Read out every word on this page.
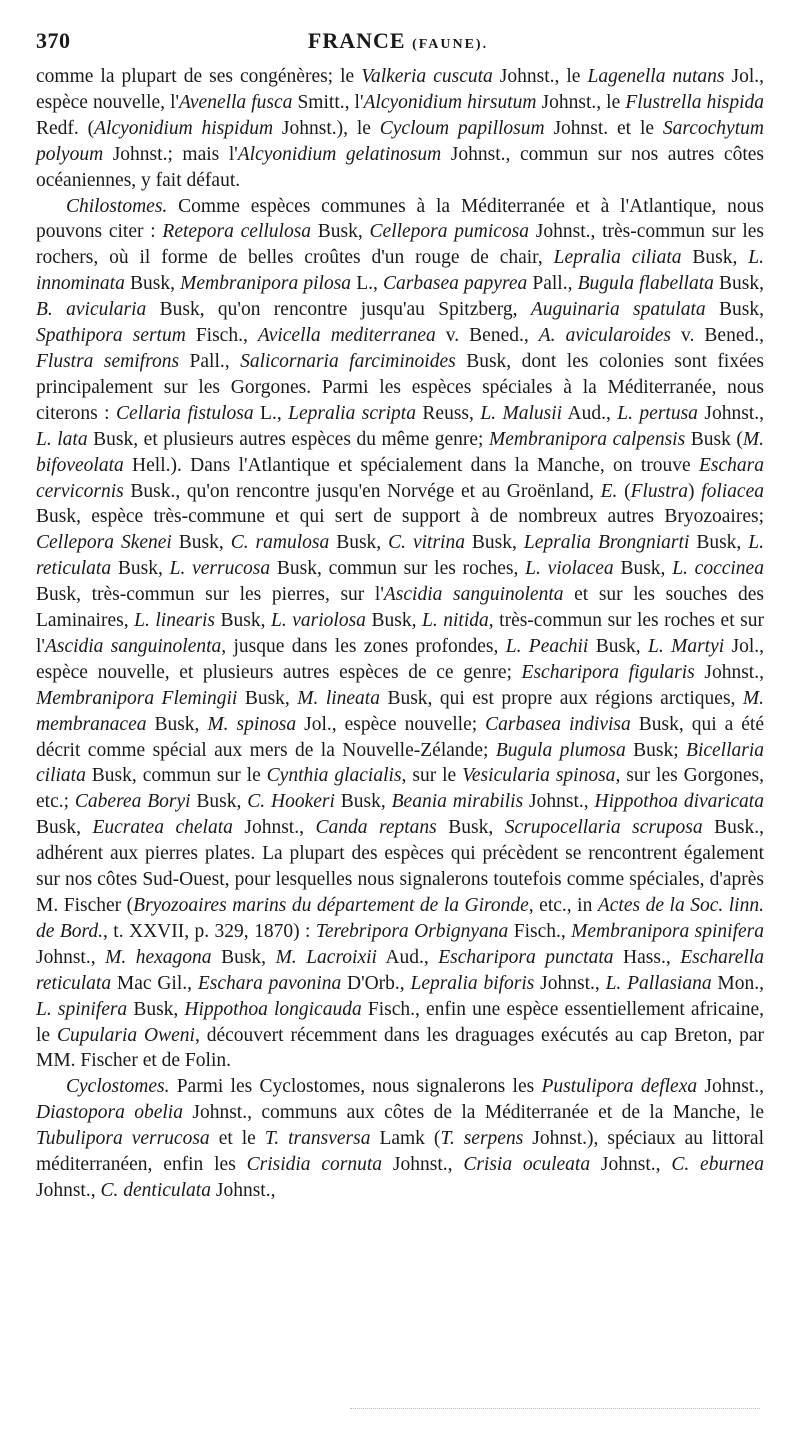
370	FRANCE (FAUNE).

comme la plupart de ses congénères; le Valkeria cuscuta Johnst., le Lagenella nutans Jol., espèce nouvelle, l'Avenella fusca Smitt., l'Alcyonidium hirsutum Johnst., le Flustrella hispida Redf. (Alcyonidium hispidum Johnst.), le Cycloum papillosum Johnst. et le Sarcochytum polyoum Johnst.; mais l'Alcyonidium gelatinosum Johnst., commun sur nos autres côtes océaniennes, y fait défaut.

Chilostomes. Comme espèces communes à la Méditerranée et à l'Atlantique, nous pouvons citer : Retepora cellulosa Busk, Cellepora pumicosa Johnst., très-commun sur les rochers, où il forme de belles croûtes d'un rouge de chair, Lepralia ciliata Busk, L. innominata Busk, Membranipora pilosa L., Carbasea papyrea Pall., Bugula flabellata Busk, B. avicularia Busk, qu'on rencontre jusqu'au Spitzberg, Auguinaria spatulata Busk, Spathipora sertum Fisch., Avicella mediterranea v. Bened., A. avicularoides v. Bened., Flustra semifrons Pall., Salicornaria farciminoides Busk, dont les colonies sont fixées principalement sur les Gorgones. Parmi les espèces spéciales à la Méditerranée, nous citerons : Cellaria fistulosa L., Lepralia scripta Reuss, L. Malusii Aud., L. pertusa Johnst., L. lata Busk, et plusieurs autres espèces du même genre; Membranipora calpensis Busk (M. bifoveolata Hell.). Dans l'Atlantique et spécialement dans la Manche, on trouve Eschara cervicornis Busk., qu'on rencontre jusqu'en Norvége et au Groënland, E. (Flustra) foliacea Busk, espèce très-commune et qui sert de support à de nombreux autres Bryozoaires; Cellepora Skenei Busk, C. ramulosa Busk, C. vitrina Busk, Lepralia Brongniarti Busk, L. reticulata Busk, L. verrucosa Busk, commun sur les roches, L. violacea Busk, L. coccinea Busk, très-commun sur les pierres, sur l'Ascidia sanguinolenta et sur les souches des Laminaires, L. linearis Busk, L. variolosa Busk, L. nitida, très-commun sur les roches et sur l'Ascidia sanguinolenta, jusque dans les zones profondes, L. Peachii Busk, L. Martyi Jol., espèce nouvelle, et plusieurs autres espèces de ce genre; Escharipora figularis Johnst., Membranipora Flemingii Busk, M. lineata Busk, qui est propre aux régions arctiques, M. membranacea Busk, M. spinosa Jol., espèce nouvelle; Carbasea indivisa Busk, qui a été décrit comme spécial aux mers de la Nouvelle-Zélande; Bugula plumosa Busk; Bicellaria ciliata Busk, commun sur le Cynthia glacialis, sur le Vesicularia spinosa, sur les Gorgones, etc.; Caberea Boryi Busk, C. Hookeri Busk, Beania mirabilis Johnst., Hippothoa divaricata Busk, Eucratea chelata Johnst., Canda reptans Busk, Scrupocellaria scruposa Busk., adhérent aux pierres plates. La plupart des espèces qui précèdent se rencontrent également sur nos côtes Sud-Ouest, pour lesquelles nous signalerons toutefois comme spéciales, d'après M. Fischer (Bryozoaires marins du département de la Gironde, etc., in Actes de la Soc. linn. de Bord., t. XXVII, p. 329, 1870) : Terebripora Orbignyana Fisch., Membranipora spinifera Johnst., M. hexagona Busk, M. Lacroixii Aud., Escharipora punctata Hass., Escharella reticulata Mac Gil., Eschara pavonina D'Orb., Lepralia biforis Johnst., L. Pallasiana Mon., L. spinifera Busk, Hippothoa longicauda Fisch., enfin une espèce essentiellement africaine, le Cupularia Oweni, découvert récemment dans les draguages exécutés au cap Breton, par MM. Fischer et de Folin.

Cyclostomes. Parmi les Cyclostomes, nous signalerons les Pustulipora deflexa Johnst., Diastopora obelia Johnst., communs aux côtes de la Méditerranée et de la Manche, le Tubulipora verrucosa et le T. transversa Lamk (T. serpens Johnst.), spéciaux au littoral méditerranéen, enfin les Crisidia cornuta Johnst., Crisia oculeata Johnst., C. eburnea Johnst., C. denticulata Johnst.,
